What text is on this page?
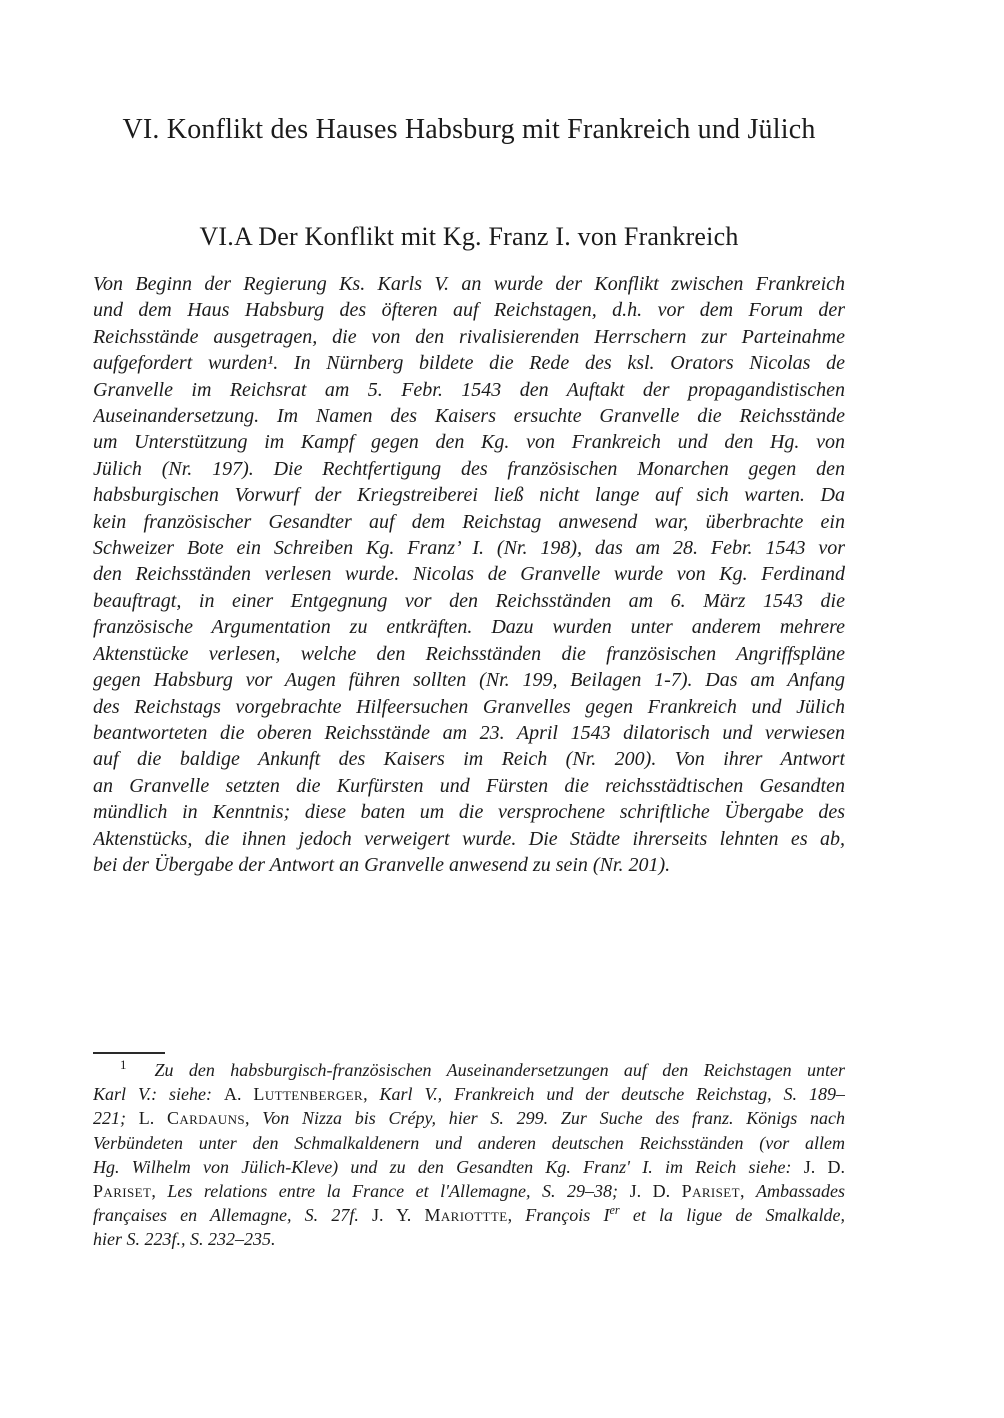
VI. Konflikt des Hauses Habsburg mit Frankreich und Jülich
VI.A Der Konflikt mit Kg. Franz I. von Frankreich
Von Beginn der Regierung Ks. Karls V. an wurde der Konflikt zwischen Frankreich
und dem Haus Habsburg des öfteren auf Reichstagen, d.h. vor dem Forum der
Reichsstände ausgetragen, die von den rivalisierenden Herrschern zur Parteinahme
aufgefordert wurden¹. In Nürnberg bildete die Rede des ksl. Orators Nicolas de
Granvelle im Reichsrat am 5. Febr. 1543 den Auftakt der propagandistischen
Auseinandersetzung. Im Namen des Kaisers ersuchte Granvelle die Reichsstände
um Unterstützung im Kampf gegen den Kg. von Frankreich und den Hg. von
Jülich (Nr. 197). Die Rechtfertigung des französischen Monarchen gegen den
habsburgischen Vorwurf der Kriegstreiberei ließ nicht lange auf sich warten. Da
kein französischer Gesandter auf dem Reichstag anwesend war, überbrachte ein
Schweizer Bote ein Schreiben Kg. Franz’ I. (Nr. 198), das am 28. Febr. 1543 vor
den Reichsständen verlesen wurde. Nicolas de Granvelle wurde von Kg. Ferdinand
beauftragt, in einer Entgegnung vor den Reichsständen am 6. März 1543 die
französische Argumentation zu entkräften. Dazu wurden unter anderem mehrere
Aktenstücke verlesen, welche den Reichsständen die französischen Angriffspläne
gegen Habsburg vor Augen führen sollten (Nr. 199, Beilagen 1-7). Das am Anfang
des Reichstags vorgebrachte Hilfeersuchen Granvelles gegen Frankreich und Jülich
beantworteten die oberen Reichsstände am 23. April 1543 dilatorisch und verwiesen
auf die baldige Ankunft des Kaisers im Reich (Nr. 200). Von ihrer Antwort
an Granvelle setzten die Kurfürsten und Fürsten die reichsstädtischen Gesandten
mündlich in Kenntnis; diese baten um die versprochene schriftliche Übergabe des
Aktenstücks, die ihnen jedoch verweigert wurde. Die Städte ihrerseits lehnten es ab,
bei der Übergabe der Antwort an Granvelle anwesend zu sein (Nr. 201).
$^1$ Zu den habsburgisch-französischen Auseinandersetzungen auf den Reichstagen unter
Karl V.: siehe: A. Luttenberger, Karl V., Frankreich und der deutsche Reichstag, S. 189–
221; L. Cardauns, Von Nizza bis Crépy, hier S. 299. Zur Suche des franz. Königs nach
Verbündeten unter den Schmalkaldenern und anderen deutschen Reichsständen (vor allem
Hg. Wilhelm von Jülich-Kleve) und zu den Gesandten Kg. Franz' I. im Reich siehe: J. D.
Pariset, Les relations entre la France et l'Allemagne, S. 29–38; J. D. Pariset, Ambassades
françaises en Allemagne, S. 27f. J. Y. Mariottte, François Ier et la ligue de Smalkalde,
hier S. 223f., S. 232–235.
